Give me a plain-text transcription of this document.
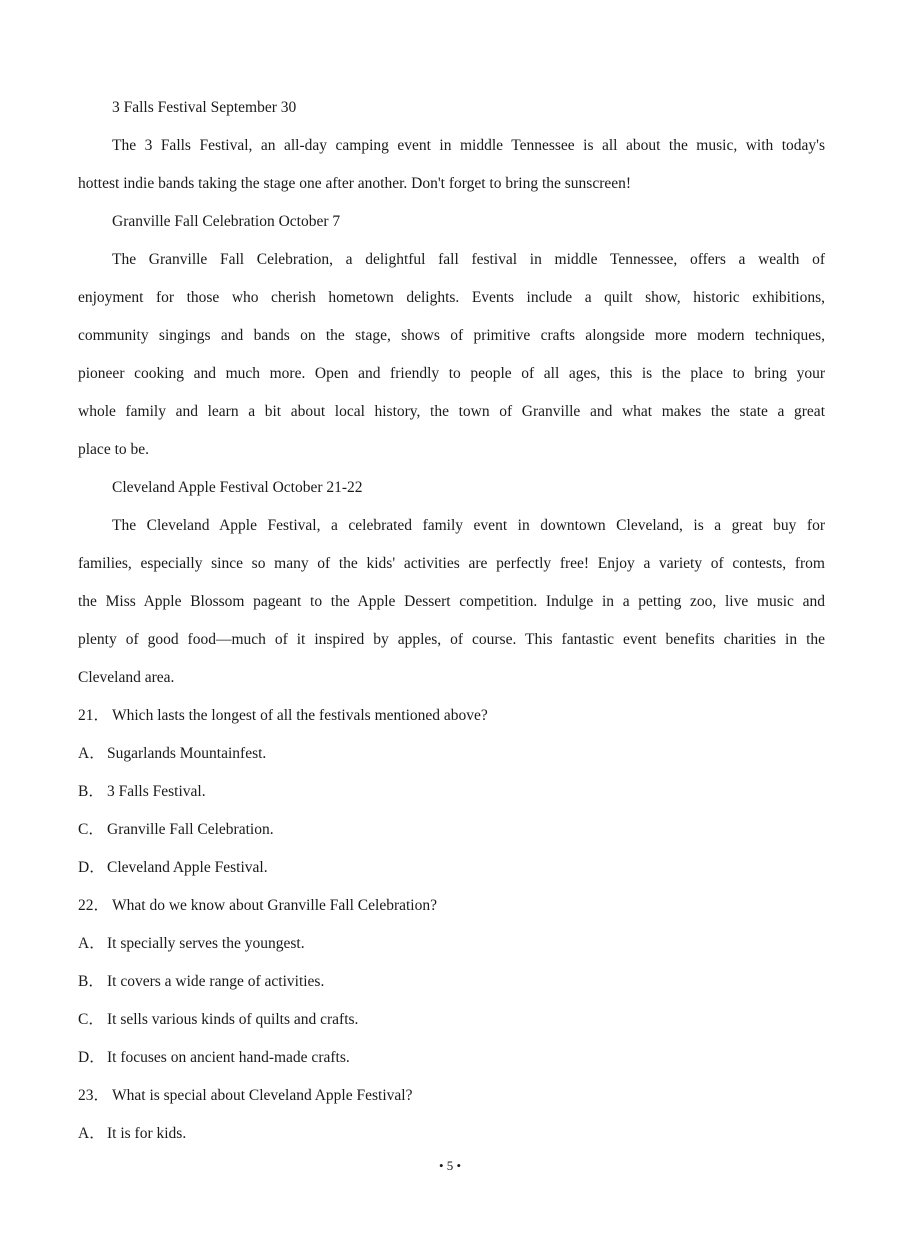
3 Falls Festival September 30
The 3 Falls Festival, an all-day camping event in middle Tennessee is all about the music, with today's
hottest indie bands taking the stage one after another. Don't forget to bring the sunscreen!
Granville Fall Celebration October 7
The Granville Fall Celebration, a delightful fall festival in middle Tennessee, offers a wealth of
enjoyment for those who cherish hometown delights. Events include a quilt show, historic exhibitions,
community singings and bands on the stage, shows of primitive crafts alongside more modern techniques,
pioneer cooking and much more. Open and friendly to people of all ages, this is the place to bring your
whole family and learn a bit about local history, the town of Granville and what makes the state a great
place to be.
Cleveland Apple Festival October 21-22
The Cleveland Apple Festival, a celebrated family event in downtown Cleveland, is a great buy for
families, especially since so many of the kids' activities are perfectly free! Enjoy a variety of contests, from
the Miss Apple Blossom pageant to the Apple Dessert competition. Indulge in a petting zoo, live music and
plenty of good food—much of it inspired by apples, of course. This fantastic event benefits charities in the
Cleveland area.
21． Which lasts the longest of all the festivals mentioned above?
A． Sugarlands Mountainfest.
B． 3 Falls Festival.
C． Granville Fall Celebration.
D． Cleveland Apple Festival.
22． What do we know about Granville Fall Celebration?
A． It specially serves the youngest.
B． It covers a wide range of activities.
C． It sells various kinds of quilts and crafts.
D． It focuses on ancient hand-made crafts.
23． What is special about Cleveland Apple Festival?
A． It is for kids.
• 5 •
